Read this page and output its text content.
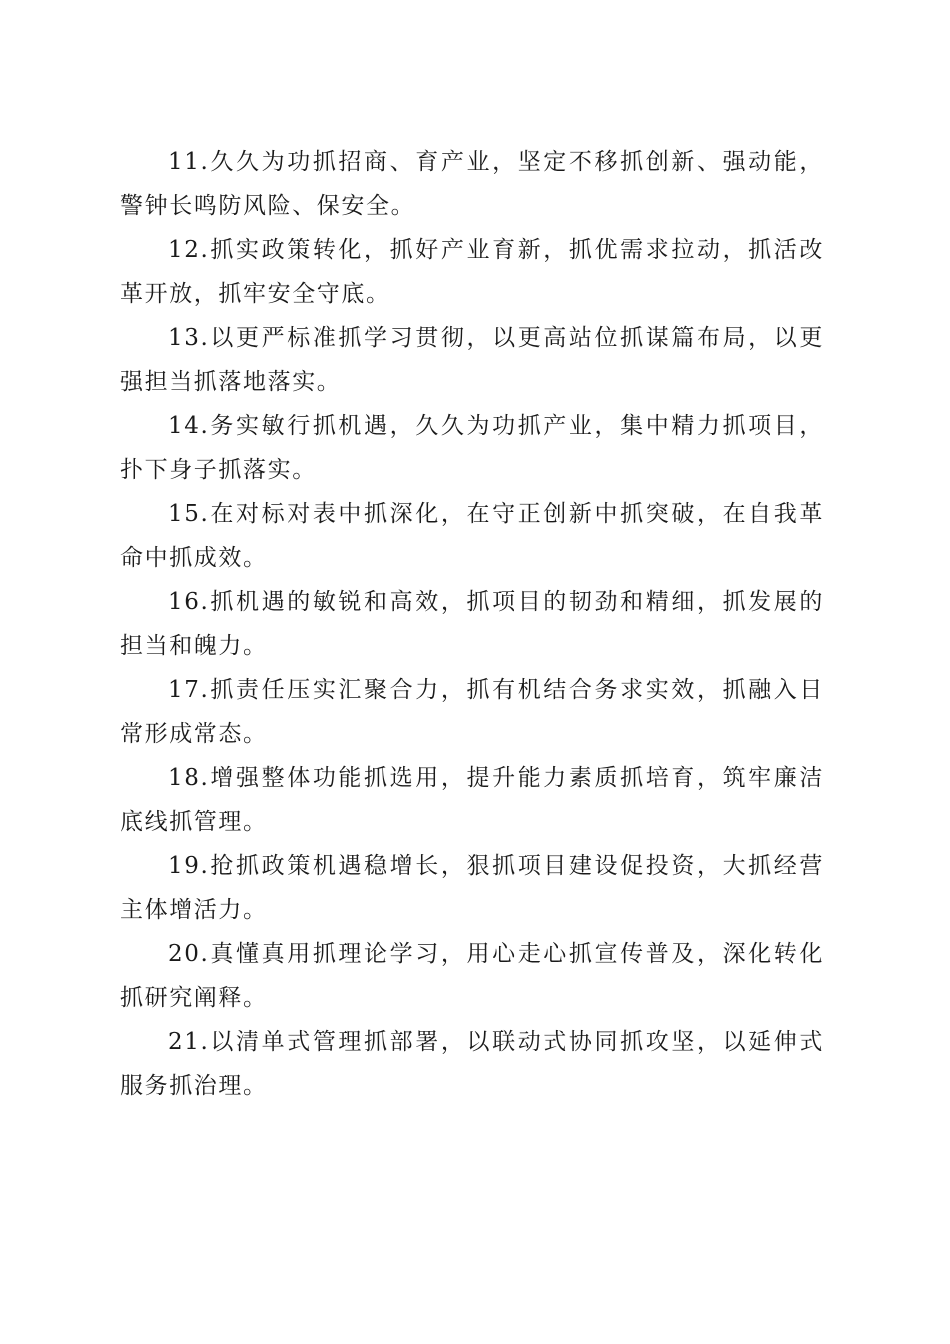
11.久久为功抓招商、育产业，坚定不移抓创新、强动能，警钟长鸣防风险、保安全。

12.抓实政策转化，抓好产业育新，抓优需求拉动，抓活改革开放，抓牢安全守底。

13.以更严标准抓学习贯彻，以更高站位抓谋篇布局，以更强担当抓落地落实。

14.务实敏行抓机遇，久久为功抓产业，集中精力抓项目，扑下身子抓落实。

15.在对标对表中抓深化，在守正创新中抓突破，在自我革命中抓成效。

16.抓机遇的敏锐和高效，抓项目的韧劲和精细，抓发展的担当和魄力。

17.抓责任压实汇聚合力，抓有机结合务求实效，抓融入日常形成常态。

18.增强整体功能抓选用，提升能力素质抓培育，筑牢廉洁底线抓管理。

19.抢抓政策机遇稳增长，狠抓项目建设促投资，大抓经营主体增活力。

20.真懂真用抓理论学习，用心走心抓宣传普及，深化转化抓研究阐释。

21.以清单式管理抓部署，以联动式协同抓攻坚，以延伸式服务抓治理。
